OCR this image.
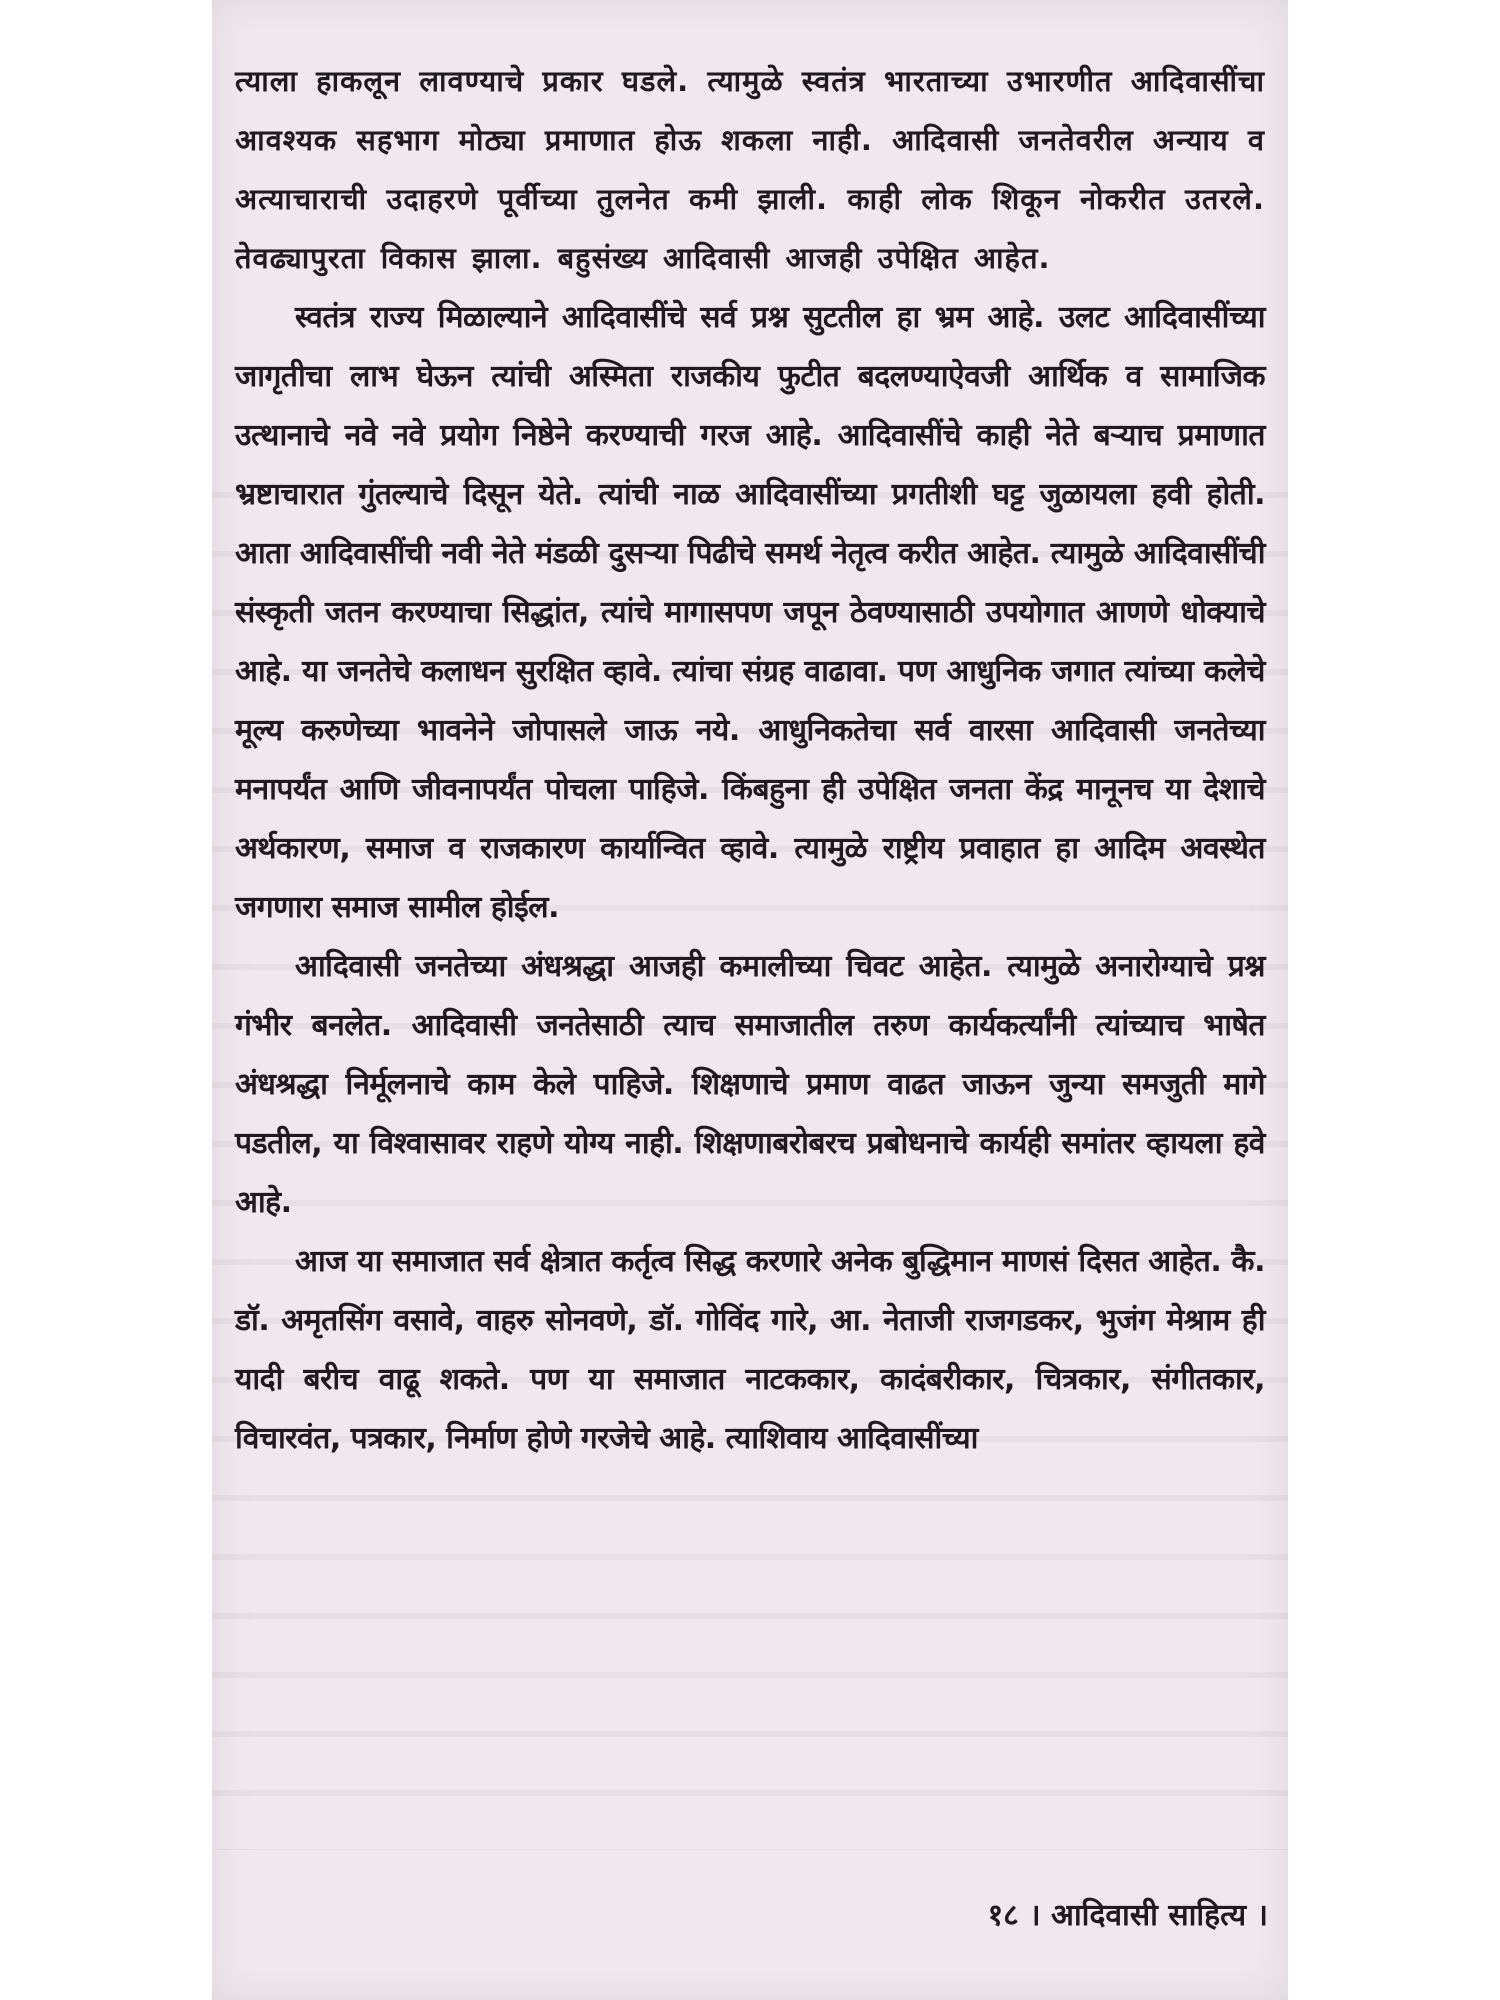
त्याला हाकलून लावण्याचे प्रकार घडले. त्यामुळे स्वतंत्र भारताच्या उभारणीत आदिवासींचा आवश्यक सहभाग मोठ्या प्रमाणात होऊ शकला नाही. आदिवासी जनतेवरील अन्याय व अत्याचाराची उदाहरणे पूर्वीच्या तुलनेत कमी झाली. काही लोक शिकून नोकरीत उतरले. तेवढ्यापुरता विकास झाला. बहुसंख्य आदिवासी आजही उपेक्षित आहेत.

स्वतंत्र राज्य मिळाल्याने आदिवासींचे सर्व प्रश्न सुटतील हा भ्रम आहे. उलट आदिवासींच्या जागृतीचा लाभ घेऊन त्यांची अस्मिता राजकीय फुटीत बदलण्याऐवजी आर्थिक व सामाजिक उत्थानाचे नवे नवे प्रयोग निष्ठेने करण्याची गरज आहे. आदिवासींचे काही नेते बऱ्याच प्रमाणात भ्रष्टाचारात गुंतल्याचे दिसून येते. त्यांची नाळ आदिवासींच्या प्रगतीशी घट्ट जुळायला हवी होती. आता आदिवासींची नवी नेते मंडळी दुसऱ्या पिढीचे समर्थ नेतृत्व करीत आहेत. त्यामुळे आदिवासींची संस्कृती जतन करण्याचा सिद्धांत, त्यांचे मागासपण जपून ठेवण्यासाठी उपयोगात आणणे धोक्याचे आहे. या जनतेचे कलाधन सुरक्षित व्हावे. त्यांचा संग्रह वाढावा. पण आधुनिक जगात त्यांच्या कलेचे मूल्य करुणेच्या भावनेने जोपासले जाऊ नये. आधुनिकतेचा सर्व वारसा आदिवासी जनतेच्या मनापर्यंत आणि जीवनापर्यंत पोचला पाहिजे. किंबहुना ही उपेक्षित जनता केंद्र मानूनच या देशाचे अर्थकारण, समाज व राजकारण कार्यान्वित व्हावे. त्यामुळे राष्ट्रीय प्रवाहात हा आदिम अवस्थेत जगणारा समाज सामील होईल.

आदिवासी जनतेच्या अंधश्रद्धा आजही कमालीच्या चिवट आहेत. त्यामुळे अनारोग्याचे प्रश्न गंभीर बनलेत. आदिवासी जनतेसाठी त्याच समाजातील तरुण कार्यकर्त्यांनी त्यांच्याच भाषेत अंधश्रद्धा निर्मूलनाचे काम केले पाहिजे. शिक्षणाचे प्रमाण वाढत जाऊन जुन्या समजुती मागे पडतील, या विश्वासावर राहणे योग्य नाही. शिक्षणाबरोबरच प्रबोधनाचे कार्यही समांतर व्हायला हवे आहे.

आज या समाजात सर्व क्षेत्रात कर्तृत्व सिद्ध करणारे अनेक बुद्धिमान माणसं दिसत आहेत. कै. डॉ. अमृतसिंग वसावे, वाहरु सोनवणे, डॉ. गोविंद गारे, आ. नेताजी राजगडकर, भुजंग मेश्राम ही यादी बरीच वाढू शकते. पण या समाजात नाटककार, कादंबरीकार, चित्रकार, संगीतकार, विचारवंत, पत्रकार, निर्माण होणे गरजेचे आहे. त्याशिवाय आदिवासींच्या

१८ । आदिवासी साहित्य ।
